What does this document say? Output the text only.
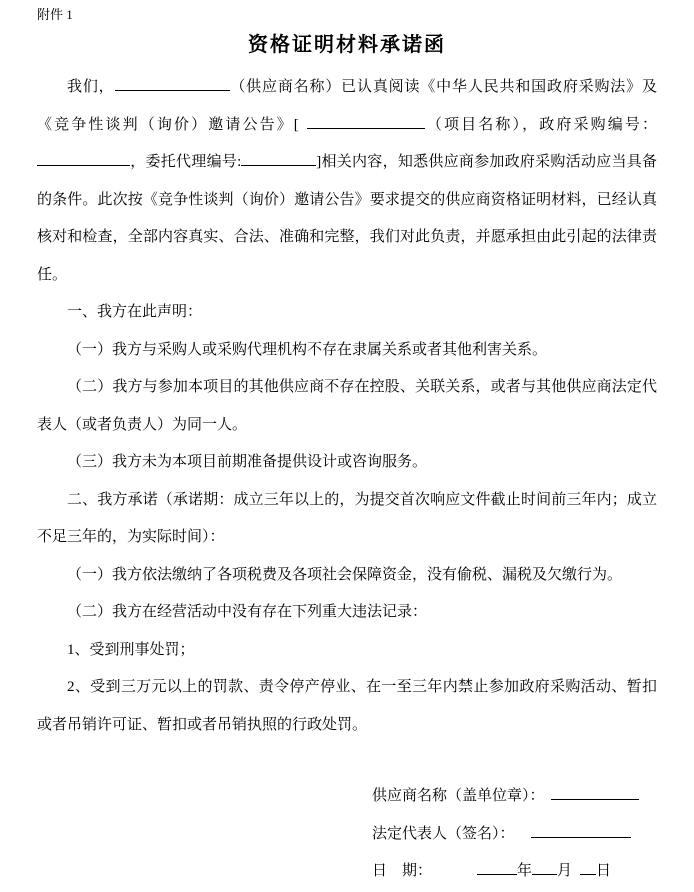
附件 1
资格证明材料承诺函

我们，	（供应商名称）已认真阅读《中华人民共和国政府采购法》及《竞争性谈判（询价）邀请公告》[	（项目名称），政府采购编号：，委托代理编号:	]相关内容，知悉供应商参加政府采购活动应当具备的条件。此次按《竞争性谈判（询价）邀请公告》要求提交的供应商资格证明材料，已经认真核对和检查，全部内容真实、合法、准确和完整，我们对此负责，并愿承担由此引起的法律责任。

一、我方在此声明：

（一）我方与采购人或采购代理机构不存在隶属关系或者其他利害关系。

（二）我方与参加本项目的其他供应商不存在控股、关联关系，或者与其他供应商法定代表人（或者负责人）为同一人。

（三）我方未为本项目前期准备提供设计或咨询服务。

二、我方承诺（承诺期：成立三年以上的，为提交首次响应文件截止时间前三年内；成立不足三年的，为实际时间）：

（一）我方依法缴纳了各项税费及各项社会保障资金，没有偷税、漏税及欠缴行为。

（二）我方在经营活动中没有存在下列重大违法记录：

1、受到刑事处罚；

2、受到三万元以上的罚款、责令停产停业、在一至三年内禁止参加政府采购活动、暂扣或者吊销许可证、暂扣或者吊销执照的行政处罚。

供应商名称（盖单位章）：
法定代表人（签名）：
日　期：	年 月 日
